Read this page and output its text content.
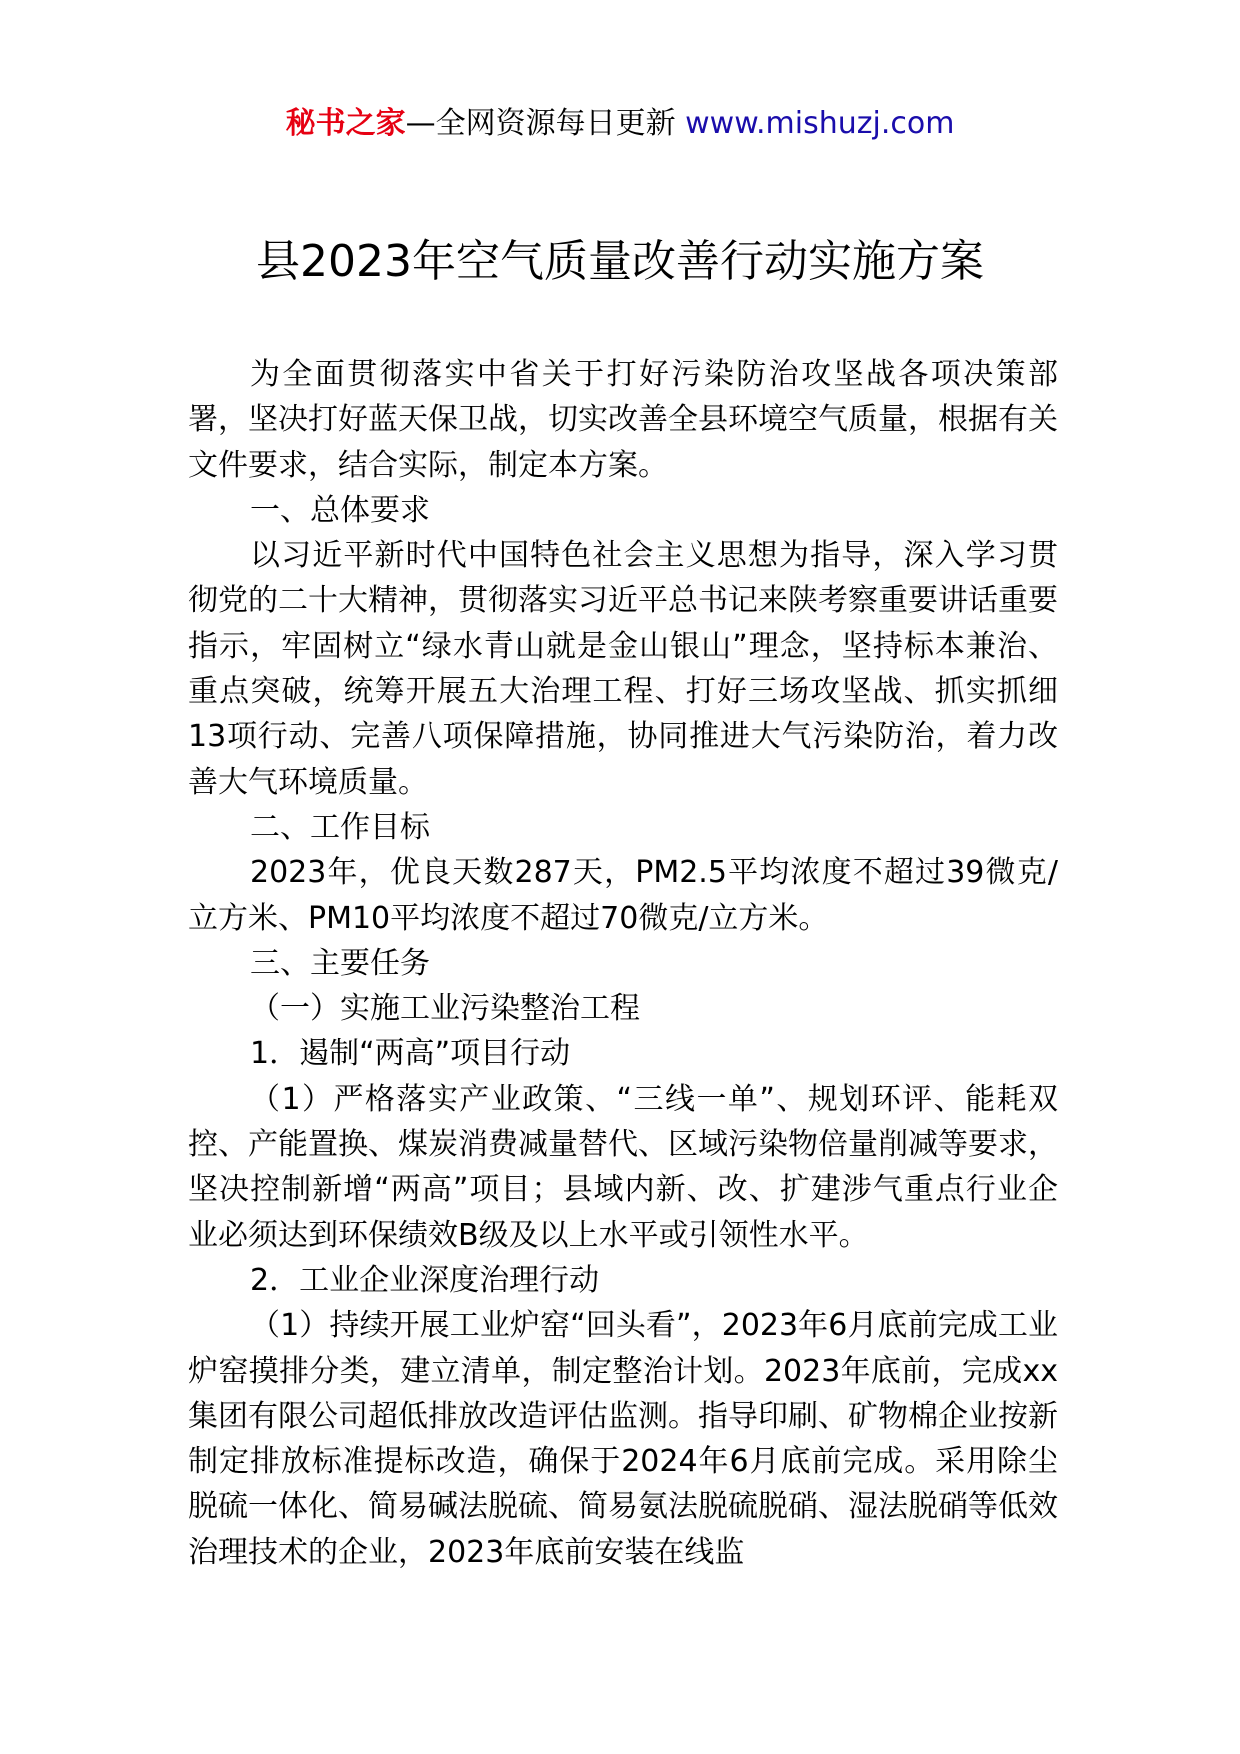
秘书之家—全网资源每日更新 www.mishuzj.com
县2023年空气质量改善行动实施方案

为全面贯彻落实中省关于打好污染防治攻坚战各项决策部署，坚决打好蓝天保卫战，切实改善全县环境空气质量，根据有关文件要求，结合实际，制定本方案。

一、总体要求

以习近平新时代中国特色社会主义思想为指导，深入学习贯彻党的二十大精神，贯彻落实习近平总书记来陕考察重要讲话重要指示，牢固树立“绿水青山就是金山银山”理念，坚持标本兼治、重点突破，统筹开展五大治理工程、打好三场攻坚战、抓实抓细13项行动、完善八项保障措施，协同推进大气污染防治，着力改善大气环境质量。

二、工作目标

2023年，优良天数287天，PM2.5平均浓度不超过39微克/立方米、PM10平均浓度不超过70微克/立方米。

三、主要任务

（一）实施工业污染整治工程

1．遏制“两高”项目行动

（1）严格落实产业政策、“三线一单”、规划环评、能耗双控、产能置换、煤炭消费减量替代、区域污染物倍量削减等要求，坚决控制新增“两高”项目；县域内新、改、扩建涉气重点行业企业必须达到环保绩效B级及以上水平或引领性水平。

2．工业企业深度治理行动

（1）持续开展工业炉窑“回头看”，2023年6月底前完成工业炉窑摸排分类，建立清单，制定整治计划。2023年底前，完成xx集团有限公司超低排放改造评估监测。指导印刷、矿物棉企业按新制定排放标准提标改造，确保于2024年6月底前完成。采用除尘脱硫一体化、简易碱法脱硫、简易氨法脱硫脱硝、湿法脱硝等低效治理技术的企业，2023年底前安装在线监
